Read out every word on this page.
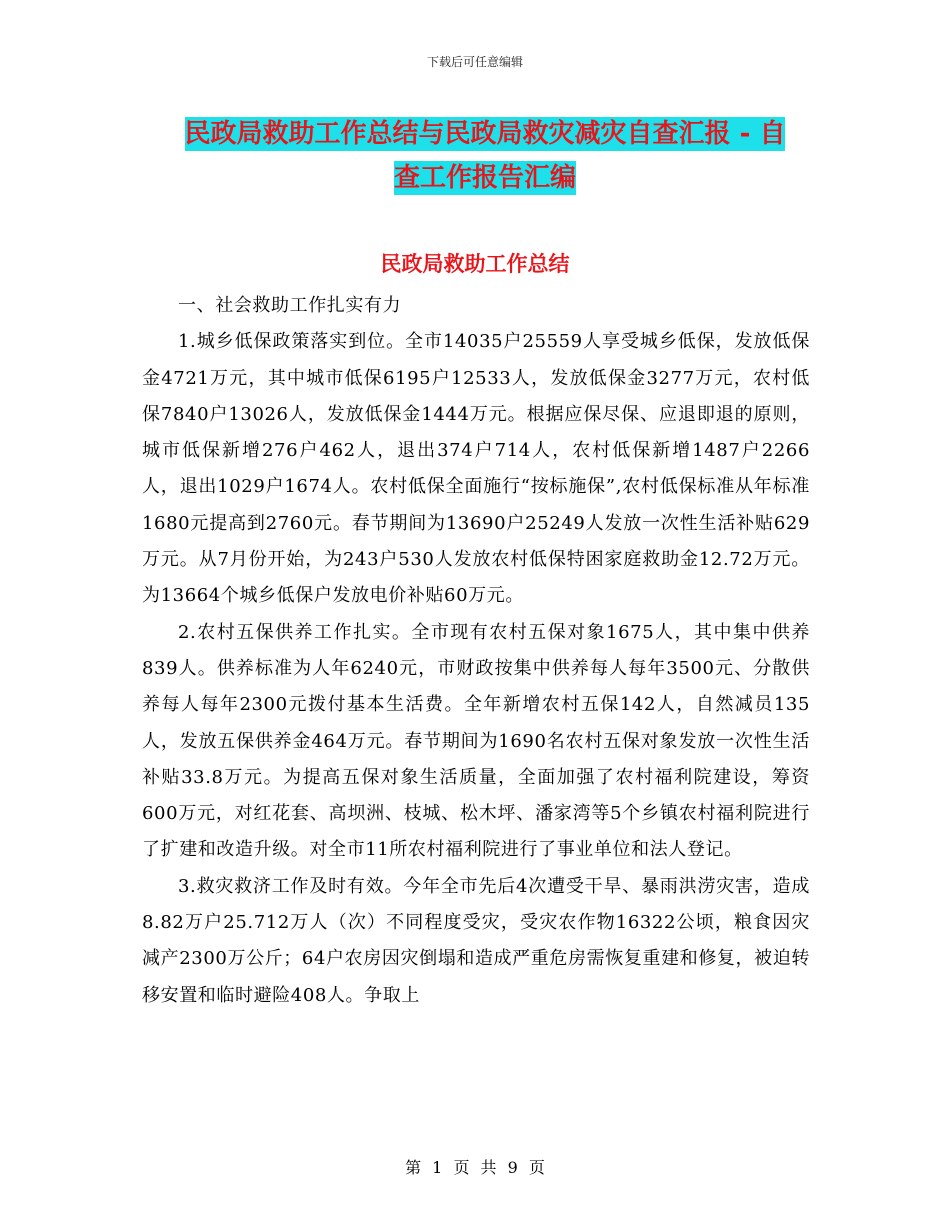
下载后可任意编辑
民政局救助工作总结与民政局救灾减灾自查汇报 - 自
查工作报告汇编
民政局救助工作总结

一、社会救助工作扎实有力

1.城乡低保政策落实到位。全市14035户25559人享受城乡低保，发放低保金4721万元，其中城市低保6195户12533人，发放低保金3277万元，农村低保7840户13026人，发放低保金1444万元。根据应保尽保、应退即退的原则，城市低保新增276户462人，退出374户714人，农村低保新增1487户2266人，退出1029户1674人。农村低保全面施行“按标施保”,农村低保标准从年标准1680元提高到2760元。春节期间为13690户25249人发放一次性生活补贴629万元。从7月份开始，为243户530人发放农村低保特困家庭救助金12.72万元。为13664个城乡低保户发放电价补贴60万元。

2.农村五保供养工作扎实。全市现有农村五保对象1675人，其中集中供养839人。供养标准为人年6240元，市财政按集中供养每人每年3500元、分散供养每人每年2300元拨付基本生活费。全年新增农村五保142人，自然减员135人，发放五保供养金464万元。春节期间为1690名农村五保对象发放一次性生活补贴33.8万元。为提高五保对象生活质量，全面加强了农村福利院建设，筹资600万元，对红花套、高坝洲、枝城、松木坪、潘家湾等5个乡镇农村福利院进行了扩建和改造升级。对全市11所农村福利院进行了事业单位和法人登记。

3.救灾救济工作及时有效。今年全市先后4次遭受干旱、暴雨洪涝灾害，造成8.82万户25.712万人（次）不同程度受灾，受灾农作物16322公顷，粮食因灾减产2300万公斤；64户农房因灾倒塌和造成严重危房需恢复重建和修复，被迫转移安置和临时避险408人。争取上

第 1 页 共 9 页
